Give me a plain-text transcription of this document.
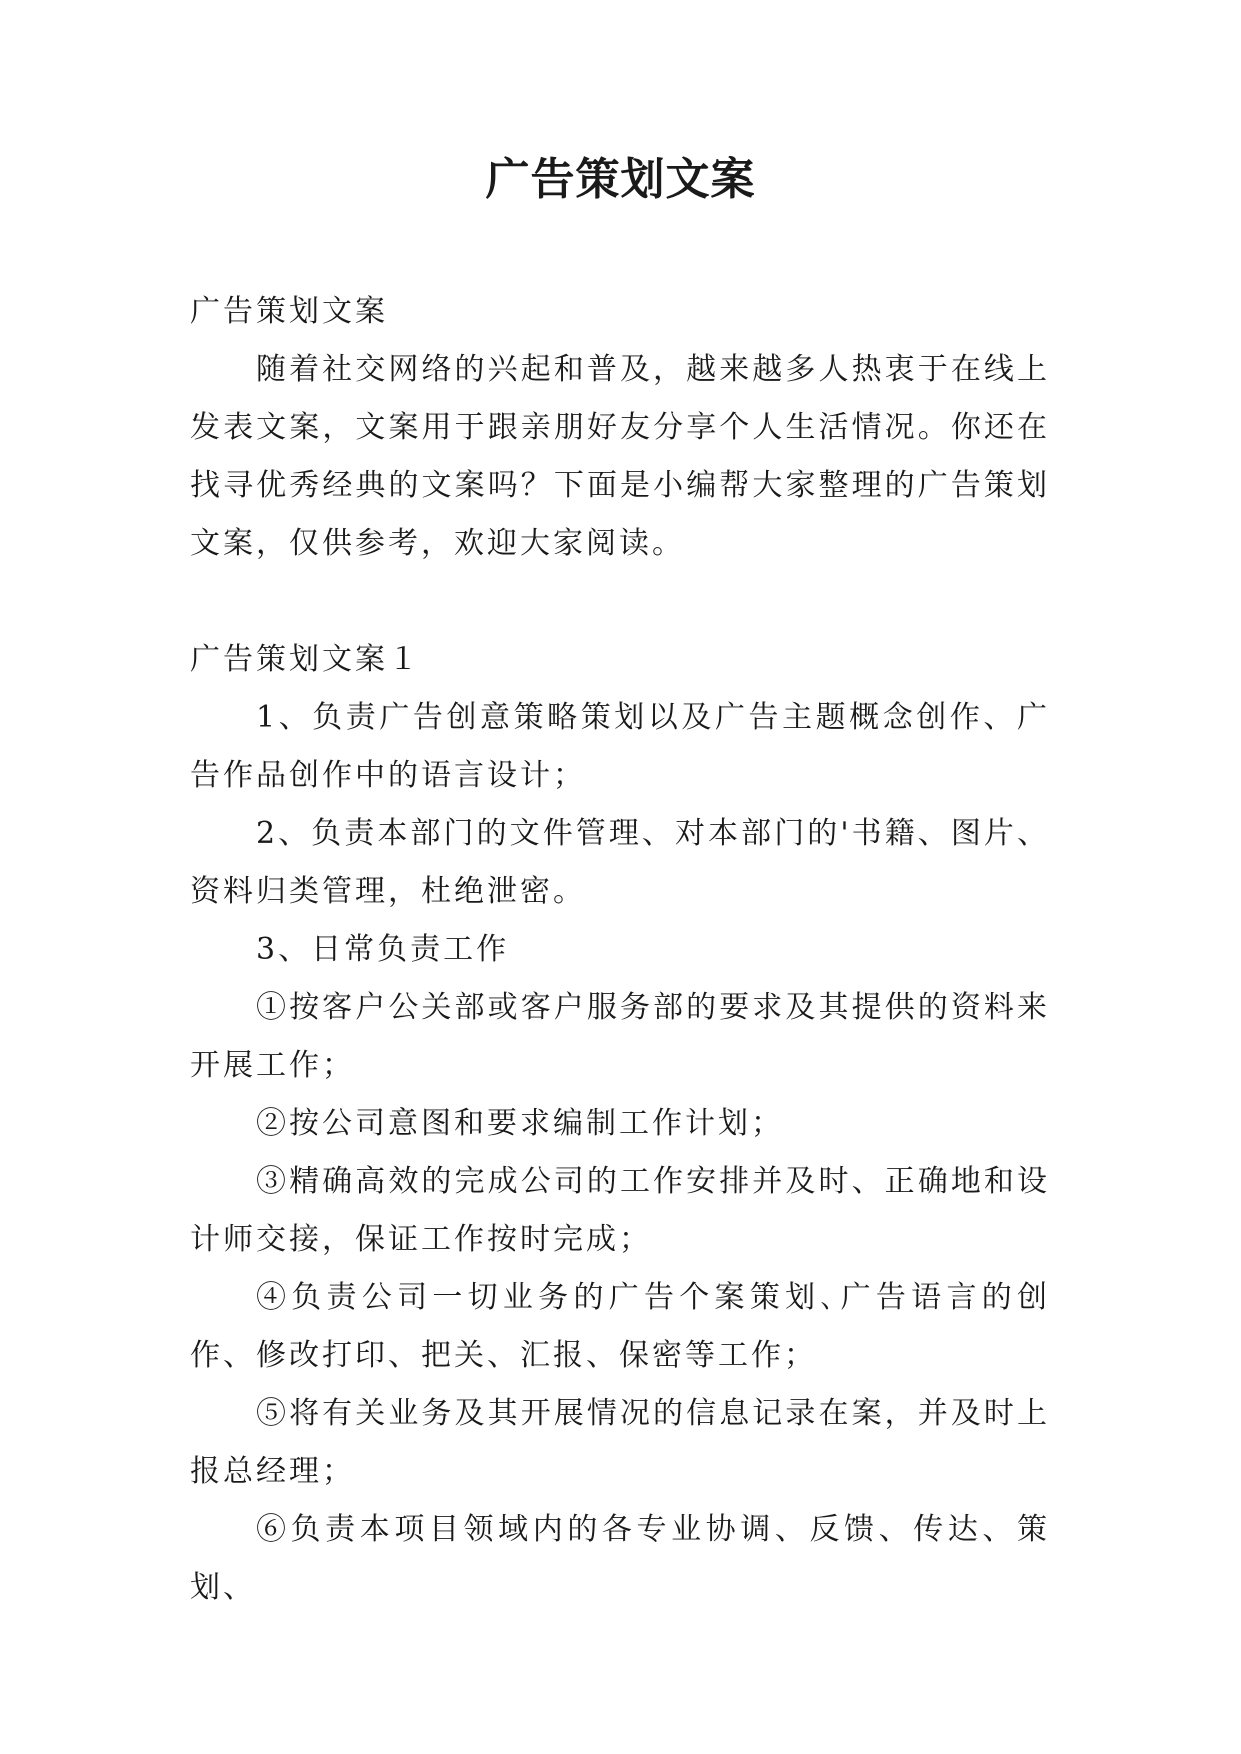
广告策划文案

广告策划文案

随着社交网络的兴起和普及，越来越多人热衷于在线上发表文案，文案用于跟亲朋好友分享个人生活情况。你还在找寻优秀经典的文案吗？下面是小编帮大家整理的广告策划文案，仅供参考，欢迎大家阅读。

广告策划文案１

1、负责广告创意策略策划以及广告主题概念创作、广告作品创作中的语言设计；

2、负责本部门的文件管理、对本部门的'书籍、图片、资料归类管理，杜绝泄密。

3、日常负责工作

①按客户公关部或客户服务部的要求及其提供的资料来开展工作；

②按公司意图和要求编制工作计划；

③精确高效的完成公司的工作安排并及时、正确地和设计师交接，保证工作按时完成；

④负责公司一切业务的广告个案策划､广告语言的创作、修改打印、把关、汇报、保密等工作；

⑤将有关业务及其开展情况的信息记录在案，并及时上报总经理；

⑥负责本项目领域内的各专业协调、反馈、传达、策划、
